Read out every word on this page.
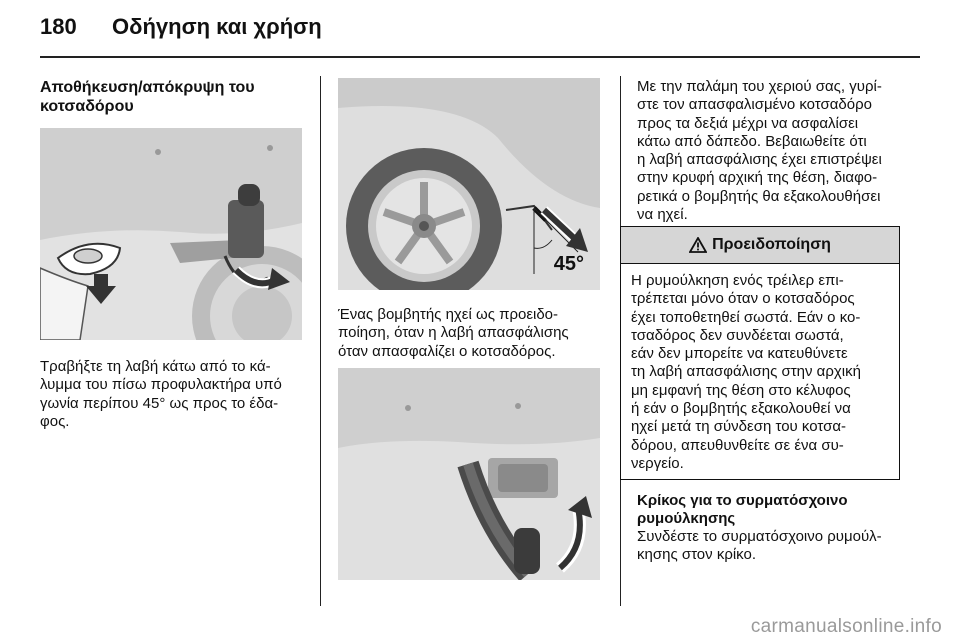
180 Οδήγηση και χρήση
Αποθήκευση/απόκρυψη του
κοτσαδόρου

Τραβήξτε τη λαβή κάτω από το κά-
λυμμα του πίσω προφυλακτήρα υπό
γωνία περίπου 45° ως προς το έδα-
φος.

45°

Ένας βομβητής ηχεί ως προειδο-
ποίηση, όταν η λαβή απασφάλισης
όταν απασφαλίζει ο κοτσαδόρος.

Με την παλάμη του χεριού σας, γυρί-
στε τον απασφαλισμένο κοτσαδόρο
προς τα δεξιά μέχρι να ασφαλίσει
κάτω από δάπεδο. Βεβαιωθείτε ότι
η λαβή απασφάλισης έχει επιστρέψει
στην κρυφή αρχική της θέση, διαφο-
ρετικά ο βομβητής θα εξακολουθήσει
να ηχεί.

Προειδοποίηση
Η ρυμούλκηση ενός τρέιλερ επι-
τρέπεται μόνο όταν ο κοτσαδόρος
έχει τοποθετηθεί σωστά. Εάν ο κο-
τσαδόρος δεν συνδέεται σωστά,
εάν δεν μπορείτε να κατευθύνετε
τη λαβή απασφάλισης στην αρχική
μη εμφανή της θέση στο κέλυφος
ή εάν ο βομβητής εξακολουθεί να
ηχεί μετά τη σύνδεση του κοτσα-
δόρου, απευθυνθείτε σε ένα συ-
νεργείο.
Κρίκος για το συρματόσχοινο
ρυμούλκησης

Συνδέστε το συρματόσχοινο ρυμούλ-
κησης στον κρίκο.

carmanualsonline.info
